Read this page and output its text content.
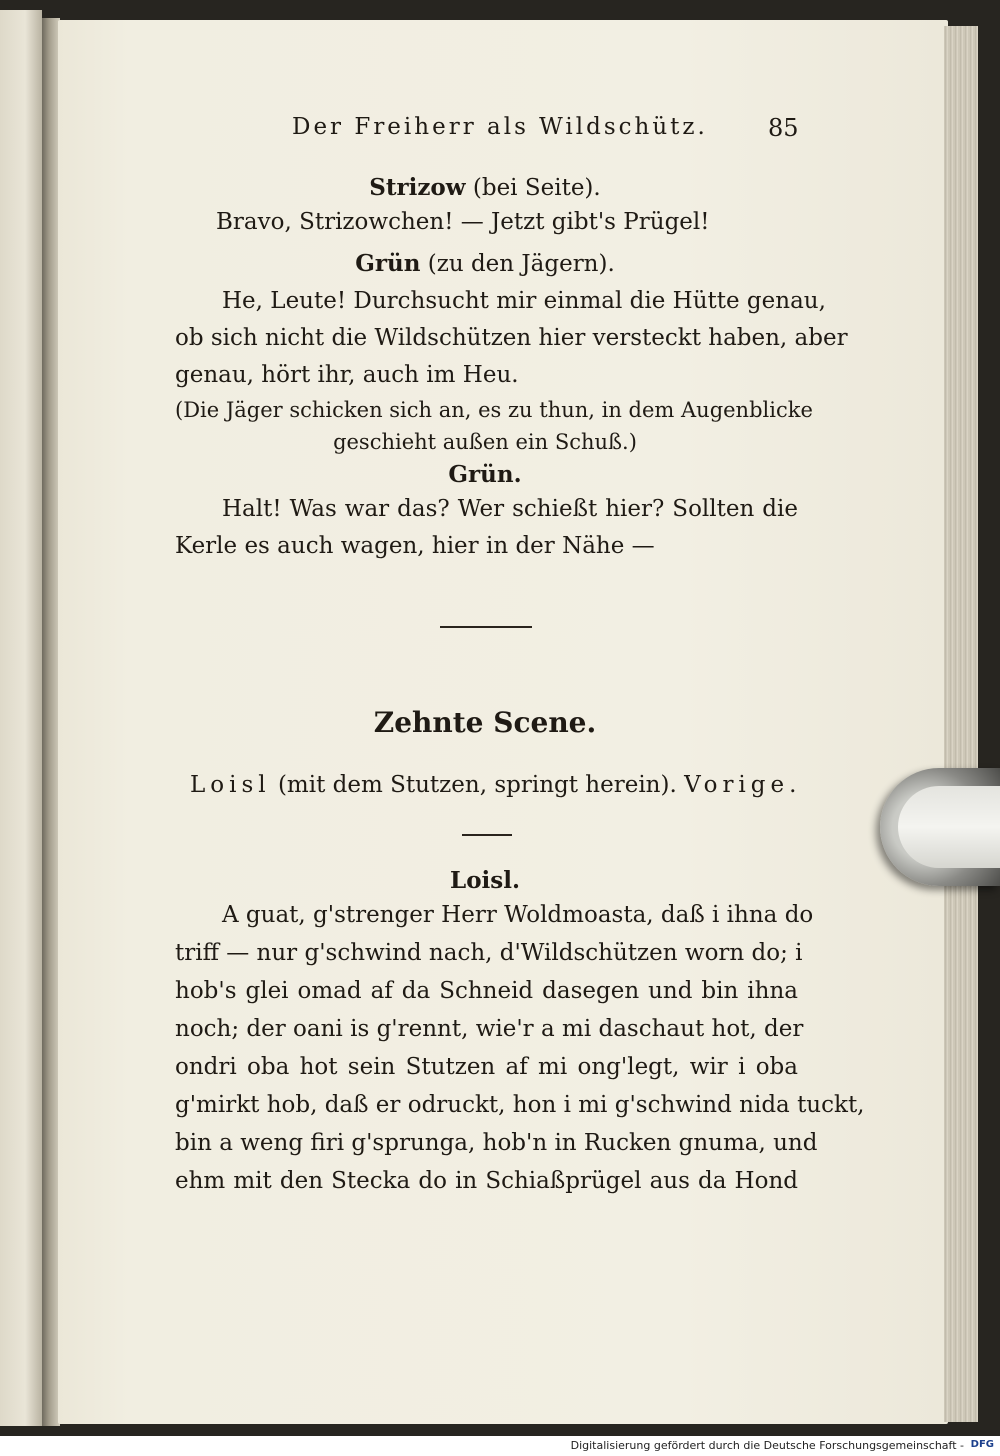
Der Freiherr als Wildschütz.	85
Strizow (bei Seite).
Bravo, Strizowchen! — Jetzt gibt's Prügel!
Grün (zu den Jägern).
He, Leute! Durchsucht mir einmal die Hütte genau,
ob sich nicht die Wildschützen hier versteckt haben, aber
genau, hört ihr, auch im Heu.
(Die Jäger schicken sich an, es zu thun, in dem Augenblicke
geschieht außen ein Schuß.)
Grün.
Halt! Was war das? Wer schießt hier? Sollten die
Kerle es auch wagen, hier in der Nähe —
Zehnte Scene.
Loisl (mit dem Stutzen, springt herein). Vorige.
Loisl.
A guat, g'strenger Herr Woldmoasta, daß i ihna do
triff — nur g'schwind nach, d'Wildschützen worn do; i
hob's glei omad af da Schneid dasegen und bin ihna
noch; der oani is g'rennt, wie'r a mi daschaut hot, der
ondri oba hot sein Stutzen af mi ong'legt, wir i oba
g'mirkt hob, daß er odruckt, hon i mi g'schwind nida tuckt,
bin a weng firi g'sprunga, hob'n in Rucken gnuma, und
ehm mit den Stecka do in Schiaßprügel aus da Hond
Digitalisierung gefördert durch die Deutsche Forschungsgemeinschaft - DFG
